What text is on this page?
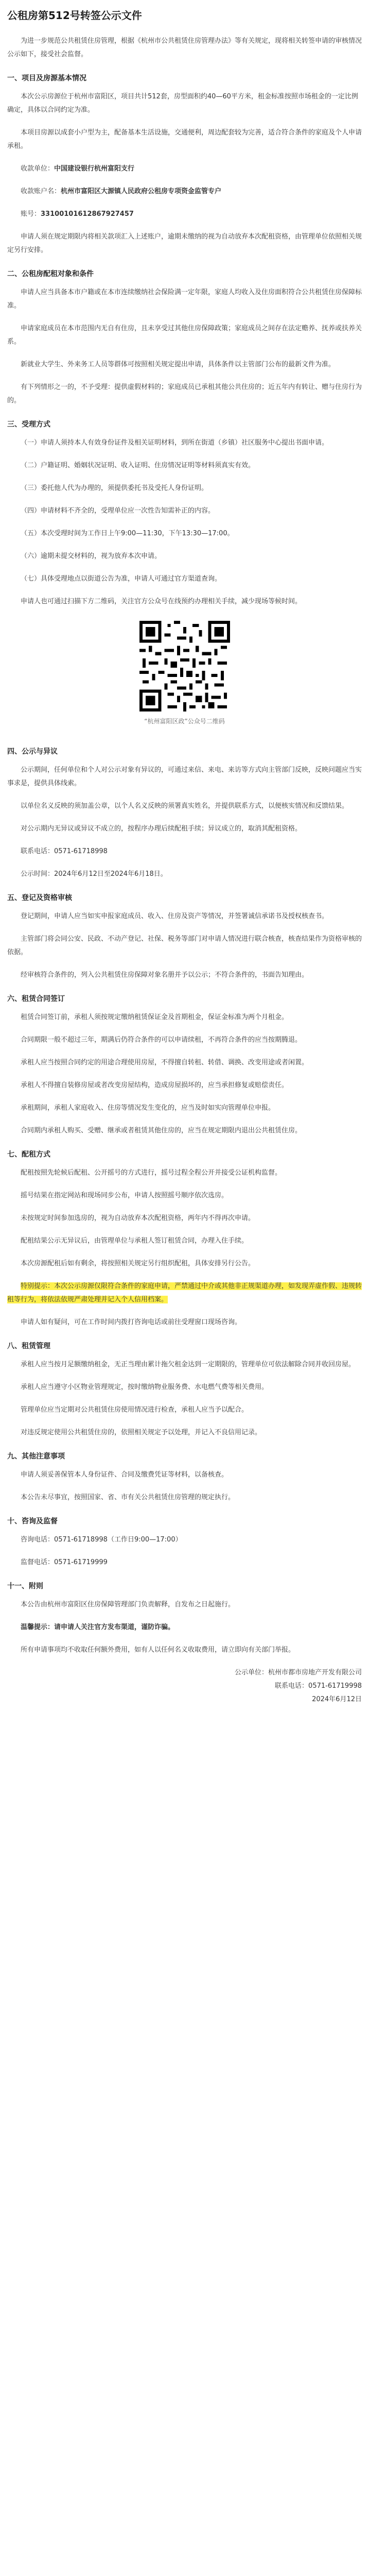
公租房第512号转签公示文件

为进一步规范公共租赁住房管理，根据《杭州市公共租赁住房管理办法》等有关规定，现将相关转签申请的审核情况公示如下，接受社会监督。

一、项目及房源基本情况

本次公示房源位于杭州市富阳区，项目共计512套，房型面积约40—60平方米，租金标准按照市场租金的一定比例确定，具体以合同约定为准。

本项目房源以成套小户型为主，配备基本生活设施，交通便利，周边配套较为完善，适合符合条件的家庭及个人申请承租。

收款单位：中国建设银行杭州富阳支行

收款账户名：杭州市富阳区大源镇人民政府公租房专项资金监管专户

账号：33100101612867927457

申请人须在规定期限内将相关款项汇入上述账户，逾期未缴纳的视为自动放弃本次配租资格，由管理单位依照相关规定另行安排。

二、公租房配租对象和条件

申请人应当具备本市户籍或在本市连续缴纳社会保险满一定年限，家庭人均收入及住房面积符合公共租赁住房保障标准。

申请家庭成员在本市范围内无自有住房，且未享受过其他住房保障政策；家庭成员之间存在法定赡养、抚养或扶养关系。

新就业大学生、外来务工人员等群体可按照相关规定提出申请，具体条件以主管部门公布的最新文件为准。

有下列情形之一的，不予受理：提供虚假材料的；家庭成员已承租其他公共住房的；近五年内有转让、赠与住房行为的。

三、受理方式

（一）申请人须持本人有效身份证件及相关证明材料，到所在街道（乡镇）社区服务中心提出书面申请。

（二）户籍证明、婚姻状况证明、收入证明、住房情况证明等材料须真实有效。

（三）委托他人代为办理的，须提供委托书及受托人身份证明。

（四）申请材料不齐全的，受理单位应一次性告知需补正的内容。

（五）本次受理时间为工作日上午9:00—11:30，下午13:30—17:00。

（六）逾期未提交材料的，视为放弃本次申请。

（七）具体受理地点以街道公告为准，申请人可通过官方渠道查询。

申请人也可通过扫描下方二维码，关注官方公众号在线预约办理相关手续，减少现场等候时间。

“杭州富阳区政”公众号二维码
四、公示与异议

公示期间，任何单位和个人对公示对象有异议的，可通过来信、来电、来访等方式向主管部门反映，反映问题应当实事求是，提供具体线索。

以单位名义反映的须加盖公章，以个人名义反映的须署真实姓名，并提供联系方式，以便核实情况和反馈结果。

对公示期内无异议或异议不成立的，按程序办理后续配租手续；异议成立的，取消其配租资格。

联系电话：0571-61718998

公示时间：2024年6月12日至2024年6月18日。

五、登记及资格审核

登记期间，申请人应当如实申报家庭成员、收入、住房及资产等情况，并签署诚信承诺书及授权核查书。

主管部门将会同公安、民政、不动产登记、社保、税务等部门对申请人情况进行联合核查，核查结果作为资格审核的依据。

经审核符合条件的，列入公共租赁住房保障对象名册并予以公示；不符合条件的，书面告知理由。

六、租赁合同签订

租赁合同签订前，承租人须按规定缴纳租赁保证金及首期租金，保证金标准为两个月租金。

合同期限一般不超过三年，期满后仍符合条件的可以申请续租，不再符合条件的应当按期腾退。

承租人应当按照合同约定的用途合理使用房屋，不得擅自转租、转借、调换、改变用途或者闲置。

承租人不得擅自装修房屋或者改变房屋结构，造成房屋损坏的，应当承担修复或赔偿责任。

承租期间，承租人家庭收入、住房等情况发生变化的，应当及时如实向管理单位申报。

合同期内承租人购买、受赠、继承或者租赁其他住房的，应当在规定期限内退出公共租赁住房。

七、配租方式

配租按照先轮候后配租、公开摇号的方式进行，摇号过程全程公开并接受公证机构监督。

摇号结果在指定网站和现场同步公布，申请人按照摇号顺序依次选房。

未按规定时间参加选房的，视为自动放弃本次配租资格，两年内不得再次申请。

配租结果公示无异议后，由管理单位与承租人签订租赁合同，办理入住手续。

本次房源配租后如有剩余，将按照相关规定另行组织配租，具体安排另行公告。

特别提示：本次公示房源仅限符合条件的家庭申请，严禁通过中介或其他非正规渠道办理，如发现弄虚作假、违规转租等行为，将依法依规严肃处理并记入个人信用档案。

申请人如有疑问，可在工作时间内拨打咨询电话或前往受理窗口现场咨询。

八、租赁管理

承租人应当按月足额缴纳租金，无正当理由累计拖欠租金达到一定期限的，管理单位可依法解除合同并收回房屋。

承租人应当遵守小区物业管理规定，按时缴纳物业服务费、水电燃气费等相关费用。

管理单位应当定期对公共租赁住房使用情况进行检查，承租人应当予以配合。

对违反规定使用公共租赁住房的，依照相关规定予以处理，并记入不良信用记录。

九、其他注意事项

申请人须妥善保管本人身份证件、合同及缴费凭证等材料，以备核查。

本公告未尽事宜，按照国家、省、市有关公共租赁住房管理的规定执行。

十、咨询及监督

咨询电话：0571-61718998（工作日9:00—17:00）

监督电话：0571-61719999

十一、附则

本公告由杭州市富阳区住房保障管理部门负责解释，自发布之日起施行。

温馨提示：请申请人关注官方发布渠道，谨防诈骗。

所有申请事项均不收取任何额外费用，如有人以任何名义收取费用，请立即向有关部门举报。

公示单位：杭州市都市房地产开发有限公司
联系电话：0571-61719998
2024年6月12日
